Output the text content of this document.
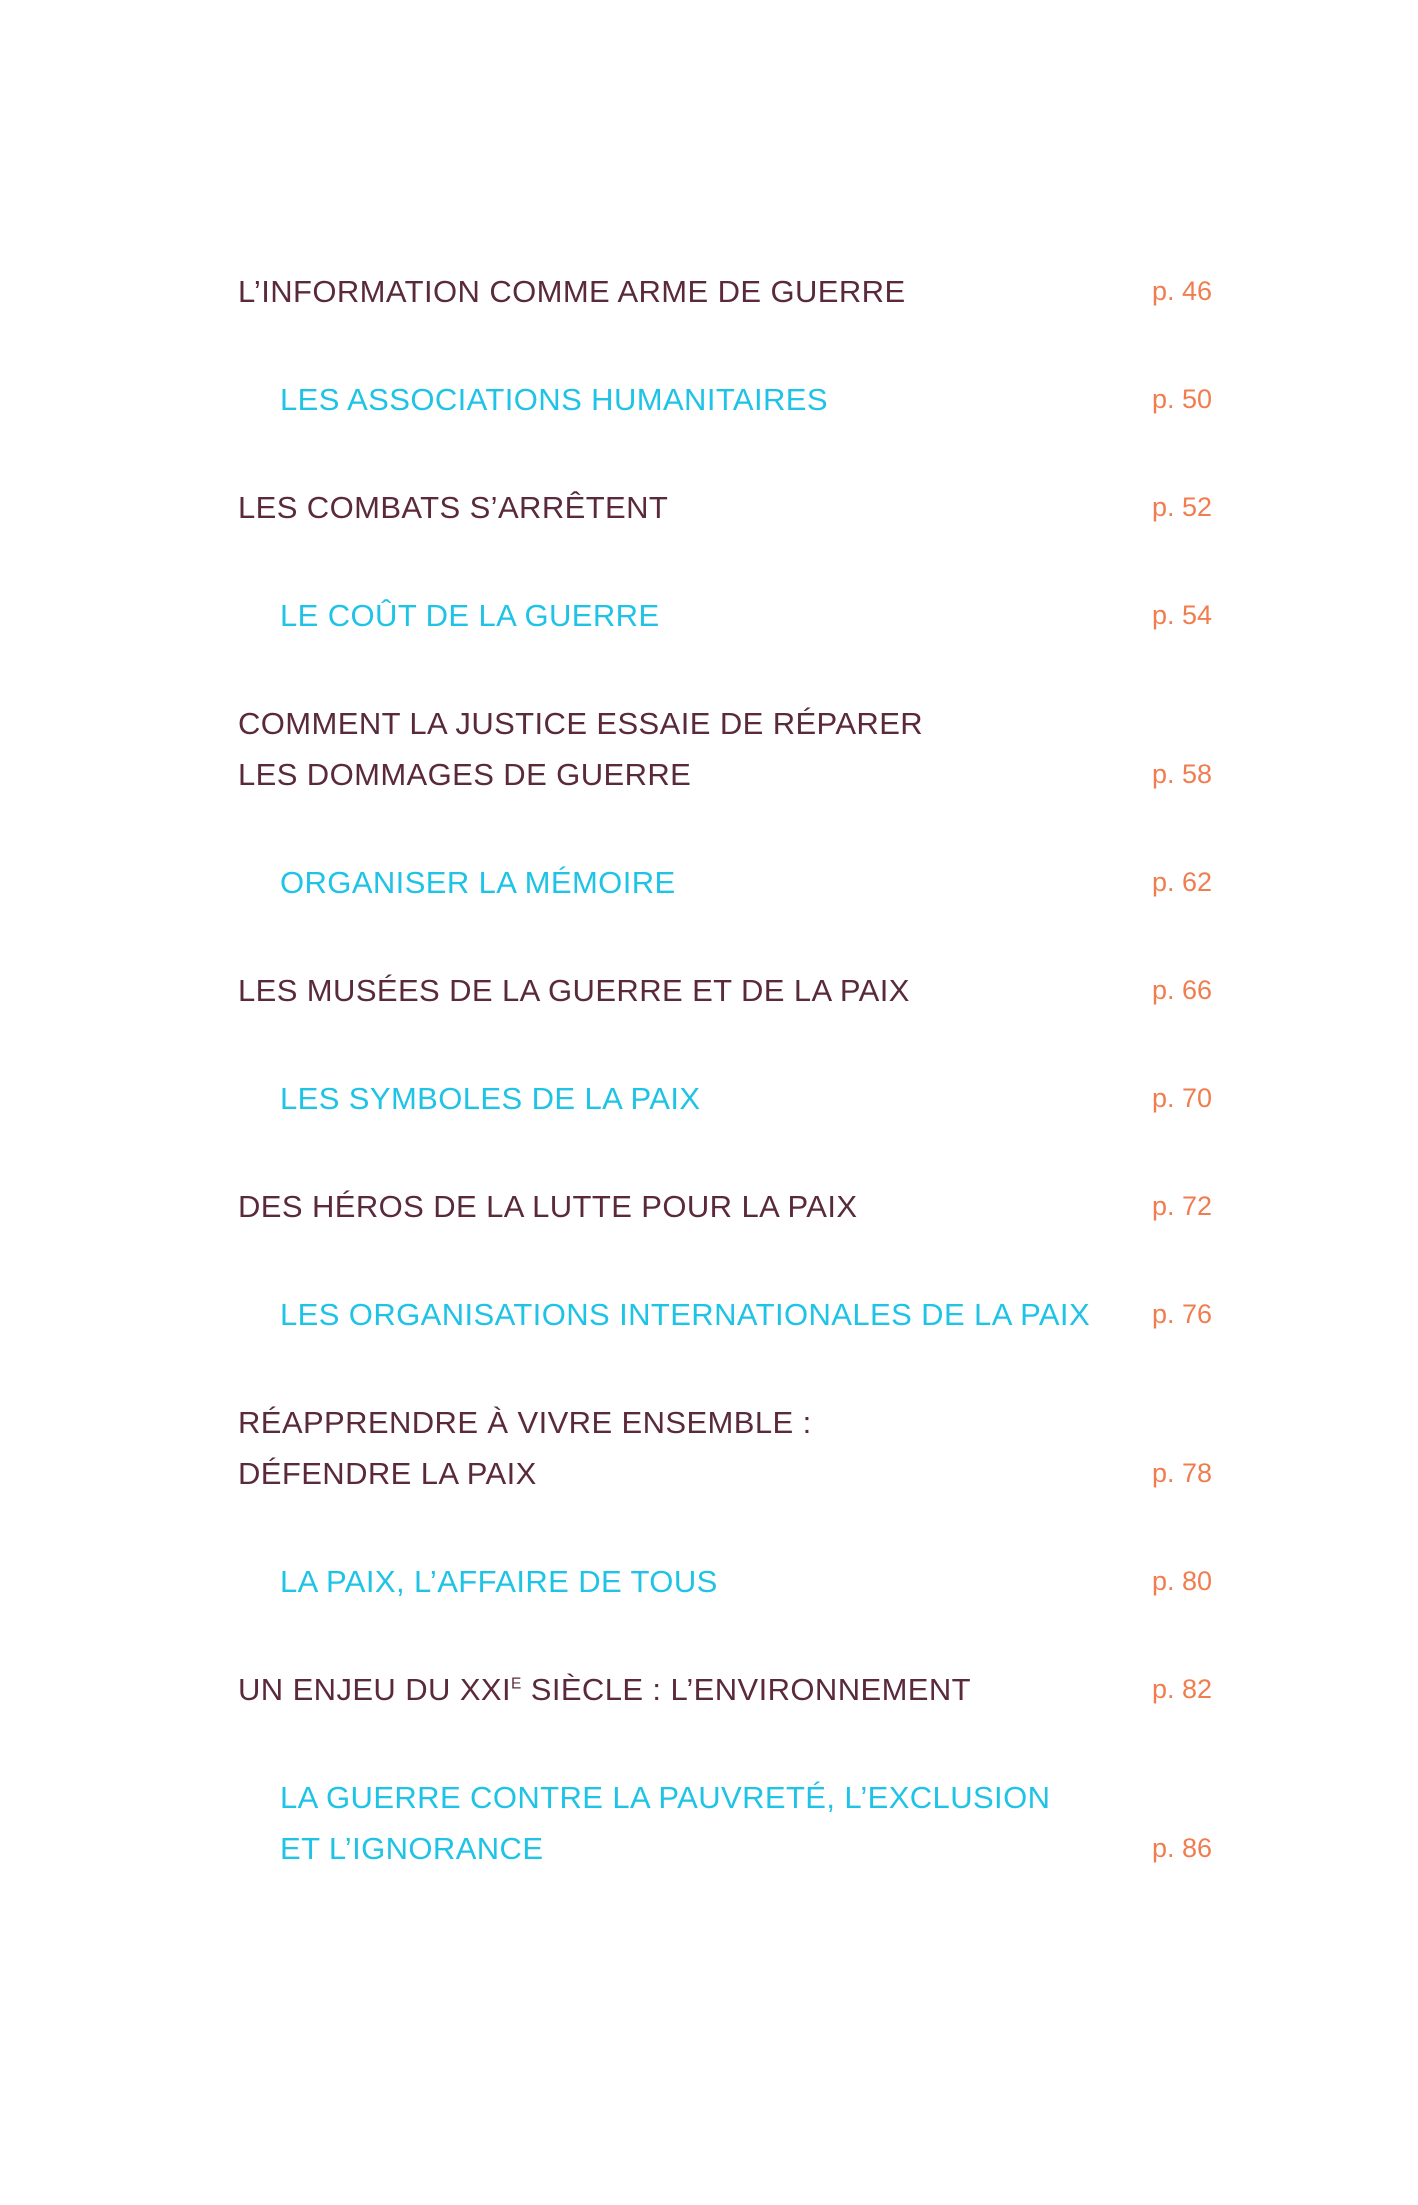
L’INFORMATION COMME ARME DE GUERRE	p. 46
LES ASSOCIATIONS HUMANITAIRES	p. 50
LES COMBATS S’ARRÊTENT	p. 52
LE COÛT DE LA GUERRE	p. 54
COMMENT LA JUSTICE ESSAIE DE RÉPARER
LES DOMMAGES DE GUERRE	p. 58
ORGANISER LA MÉMOIRE	p. 62
LES MUSÉES DE LA GUERRE ET DE LA PAIX	p. 66
LES SYMBOLES DE LA PAIX	p. 70
DES HÉROS DE LA LUTTE POUR LA PAIX	p. 72
LES ORGANISATIONS INTERNATIONALES DE LA PAIX	p. 76
RÉAPPRENDRE À VIVRE ENSEMBLE :
DÉFENDRE LA PAIX	p. 78
LA PAIX, L’AFFAIRE DE TOUS	p. 80
UN ENJEU DU $XXI^E$ SIÈCLE : L’ENVIRONNEMENT	p. 82
LA GUERRE CONTRE LA PAUVRETÉ, L’EXCLUSION
ET L’IGNORANCE	p. 86
